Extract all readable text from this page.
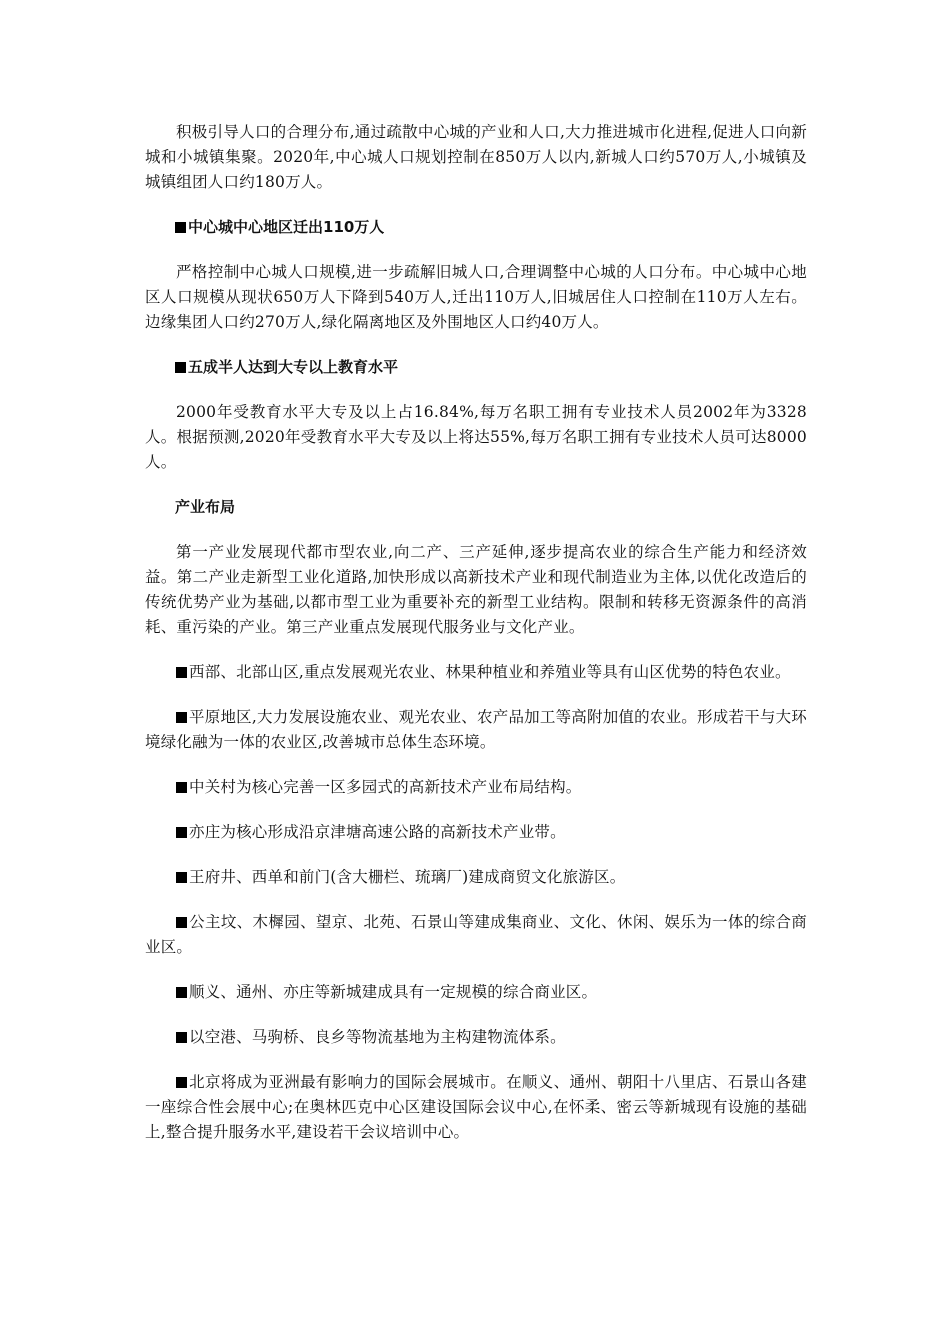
积极引导人口的合理分布,通过疏散中心城的产业和人口,大力推进城市化进程,促进人口向新城和小城镇集聚。2020年,中心城人口规划控制在850万人以内,新城人口约570万人,小城镇及城镇组团人口约180万人。

中心城中心地区迁出110万人

严格控制中心城人口规模,进一步疏解旧城人口,合理调整中心城的人口分布。中心城中心地区人口规模从现状650万人下降到540万人,迁出110万人,旧城居住人口控制在110万人左右。边缘集团人口约270万人,绿化隔离地区及外围地区人口约40万人。

五成半人达到大专以上教育水平

2000年受教育水平大专及以上占16.84%,每万名职工拥有专业技术人员2002年为3328人。根据预测,2020年受教育水平大专及以上将达55%,每万名职工拥有专业技术人员可达8000人。

产业布局

第一产业发展现代都市型农业,向二产、三产延伸,逐步提高农业的综合生产能力和经济效益。第二产业走新型工业化道路,加快形成以高新技术产业和现代制造业为主体,以优化改造后的传统优势产业为基础,以都市型工业为重要补充的新型工业结构。限制和转移无资源条件的高消耗、重污染的产业。第三产业重点发展现代服务业与文化产业。

西部、北部山区,重点发展观光农业、林果种植业和养殖业等具有山区优势的特色农业。

平原地区,大力发展设施农业、观光农业、农产品加工等高附加值的农业。形成若干与大环境绿化融为一体的农业区,改善城市总体生态环境。

中关村为核心完善一区多园式的高新技术产业布局结构。

亦庄为核心形成沿京津塘高速公路的高新技术产业带。

王府井、西单和前门(含大栅栏、琉璃厂)建成商贸文化旅游区。

公主坟、木樨园、望京、北苑、石景山等建成集商业、文化、休闲、娱乐为一体的综合商业区。

顺义、通州、亦庄等新城建成具有一定规模的综合商业区。

以空港、马驹桥、良乡等物流基地为主构建物流体系。

北京将成为亚洲最有影响力的国际会展城市。在顺义、通州、朝阳十八里店、石景山各建一座综合性会展中心;在奥林匹克中心区建设国际会议中心,在怀柔、密云等新城现有设施的基础上,整合提升服务水平,建设若干会议培训中心。
